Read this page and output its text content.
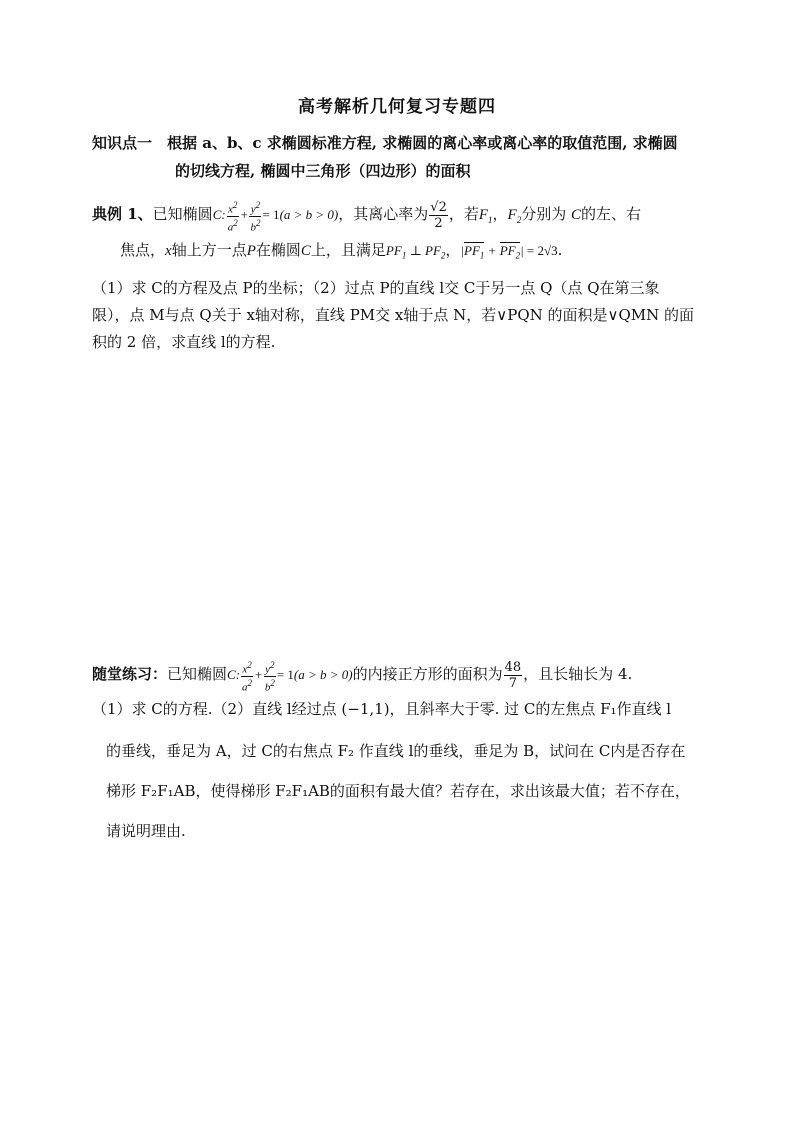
高考解析几何复习专题四
知识点一 根据 a、b、c 求椭圆标准方程, 求椭圆的离心率或离心率的取值范围, 求椭圆
的切线方程, 椭圆中三角形（四边形）的面积
典例 1、已知椭圆C: $\frac{x^2}{a^2} + \frac{y^2}{b^2} = 1(a > b > 0)$，其离心率为 $\frac{√2}{2}$ ，若$F_1$，$F_2$分别为 C的左、右
焦点，x轴上方一点P在椭圆C上，且满足$PF_1$ ⊥ $PF_2$，$|PF_1 + PF_2| = 2√3$.
（1）求 C的方程及点 P的坐标；（2）过点 P的直线 l交 C于另一点 Q（点 Q在第三象
限），点 M与点 Q关于 x轴对称，直线 PM交 x轴于点 N，若∨PQN 的面积是∨QMN 的面
积的 2 倍，求直线 l的方程.
随堂练习：已知椭圆C: $\frac{x^2}{a^2} + \frac{y^2}{b^2} = 1(a > b > 0)$的内接正方形的面积为 $\frac{48}{7}$ ，且长轴长为 4.
（1）求 C的方程.（2）直线 l经过点 (−1,1)，且斜率大于零. 过 C的左焦点 F₁作直线 l
的垂线，垂足为 A，过 C的右焦点 F₂ 作直线 l的垂线，垂足为 B，试问在 C内是否存在
梯形 F₂F₁AB，使得梯形 F₂F₁AB的面积有最大值？若存在，求出该最大值；若不存在，
请说明理由.
